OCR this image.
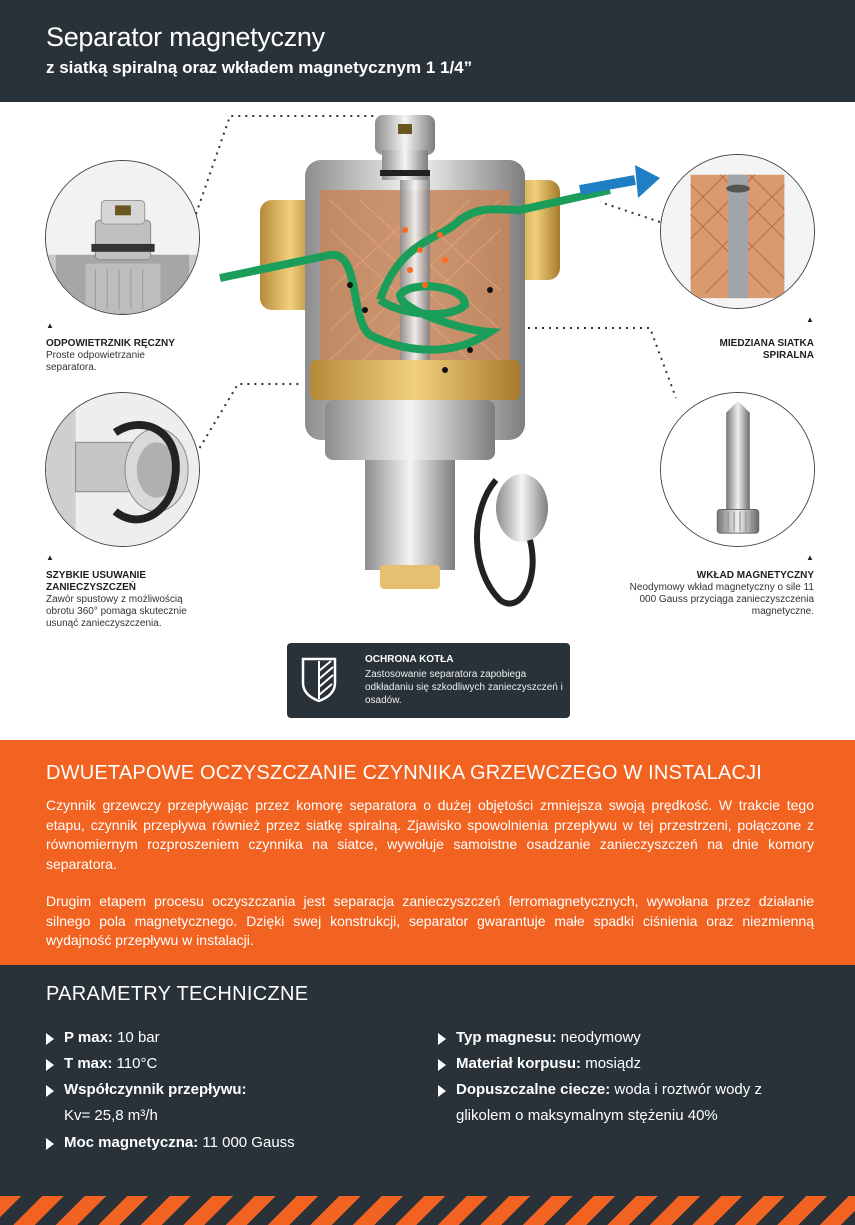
Separator magnetyczny
z siatką spiralną oraz wkładem magnetycznym 1 1/4”
▲
ODPOWIETRZNIK RĘCZNY
Proste odpowietrzanie separatora.
▲
SZYBKIE USUWANIE ZANIECZYSZCZEŃ
Zawór spustowy z możliwością obrotu 360° pomaga skutecznie usunąć zanieczyszczenia.
▲
MIEDZIANA SIATKA SPIRALNA
▲
WKŁAD MAGNETYCZNY
Neodymowy wkład magnetyczny o sile 11 000 Gauss przyciąga zanieczyszczenia magnetyczne.
OCHRONA KOTŁA
Zastosowanie separatora zapobiega odkładaniu się szkodliwych zanieczyszczeń i osadów.
DWUETAPOWE OCZYSZCZANIE CZYNNIKA GRZEWCZEGO W INSTALACJI
Czynnik grzewczy przepływając przez komorę separatora o dużej objętości zmniejsza swoją prędkość. W trakcie tego etapu, czynnik przepływa również przez siatkę spiralną. Zjawisko spowolnienia przepływu w tej przestrzeni, połączone z równomiernym rozproszeniem czynnika na siatce, wywołuje samoistne osadzanie zanieczyszczeń na dnie komory separatora.
Drugim etapem procesu oczyszczania jest separacja zanieczyszczeń ferromagnetycznych, wywołana przez działanie silnego pola magnetycznego. Dzięki swej konstrukcji, separator gwarantuje małe spadki ciśnienia oraz niezmienną wydajność przepływu w instalacji.
PARAMETRY TECHNICZNE
P max: 10 bar
T max: 110°C
Współczynnik przepływu:
Kv= 25,8 m³/h
Moc magnetyczna: 11 000 Gauss
Typ magnesu: neodymowy
Materiał korpusu: mosiądz
Dopuszczalne ciecze: woda i roztwór wody z glikolem o maksymalnym stężeniu 40%
